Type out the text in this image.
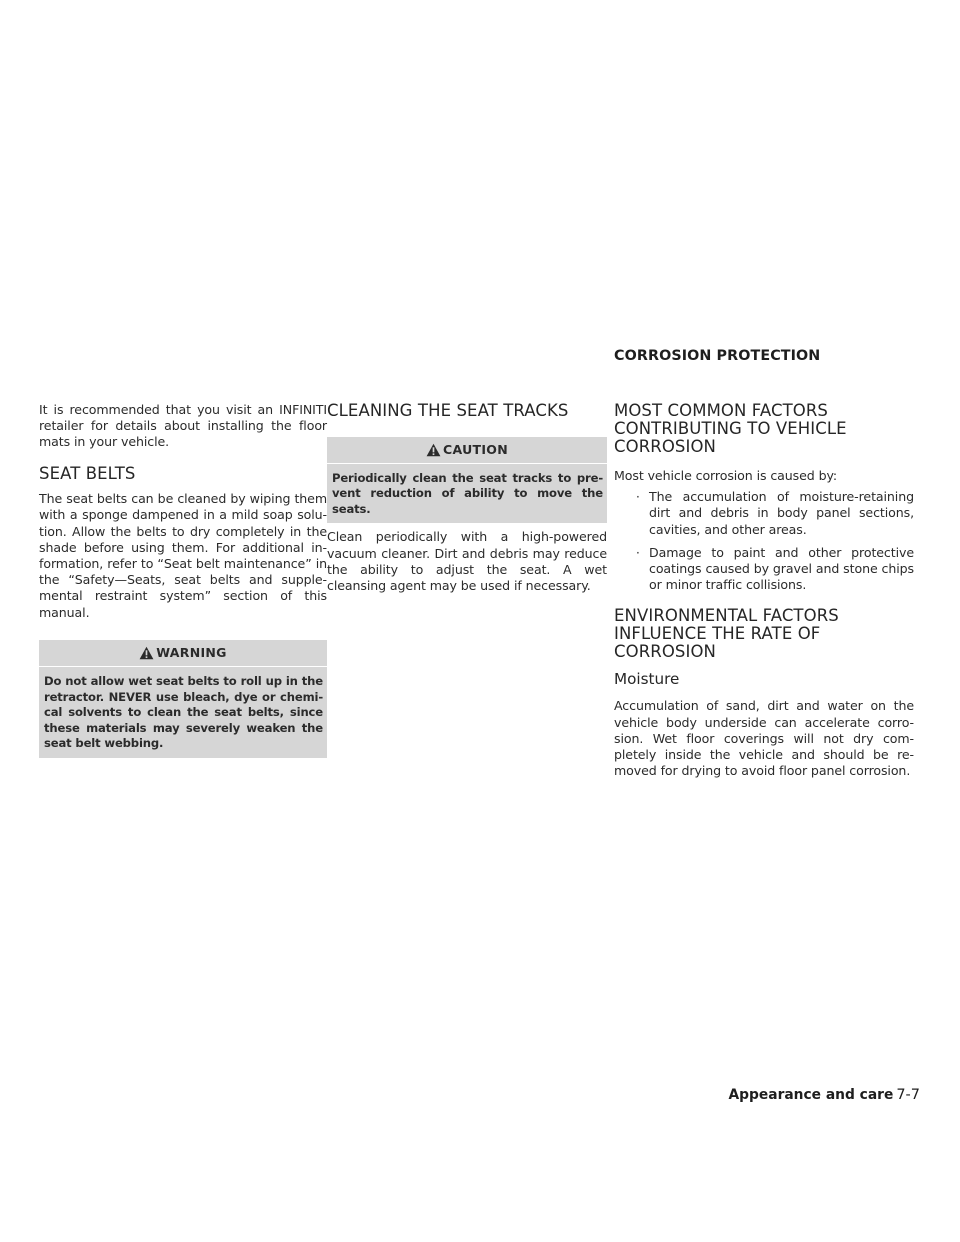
CORROSION PROTECTION

It is recommended that you visit an INFINITI retailer for details about installing the floor mats in your vehicle.

SEAT BELTS

The seat belts can be cleaned by wiping them with a sponge dampened in a mild soap solu-tion. Allow the belts to dry completely in the shade before using them. For additional in-formation, refer to “Seat belt maintenance” in the “Safety—Seats, seat belts and supple-mental restraint system” section of this manual.

WARNING
Do not allow wet seat belts to roll up in the retractor. NEVER use bleach, dye or chemi-cal solvents to clean the seat belts, since these materials may severely weaken the seat belt webbing.
CLEANING THE SEAT TRACKS
CAUTION
Periodically clean the seat tracks to pre-vent reduction of ability to move the seats.

Clean periodically with a high-powered vacuum cleaner. Dirt and debris may reduce the ability to adjust the seat. A wet cleansing agent may be used if necessary.

MOST COMMON FACTORS CONTRIBUTING TO VEHICLE CORROSION

Most vehicle corrosion is caused by:

· The accumulation of moisture-retaining dirt and debris in body panel sections, cavities, and other areas.
· Damage to paint and other protective coatings caused by gravel and stone chips or minor traffic collisions.
ENVIRONMENTAL FACTORS INFLUENCE THE RATE OF CORROSION
Moisture

Accumulation of sand, dirt and water on the vehicle body underside can accelerate corro-sion. Wet floor coverings will not dry com-pletely inside the vehicle and should be re-moved for drying to avoid floor panel corrosion.

Appearance and care 7-7
